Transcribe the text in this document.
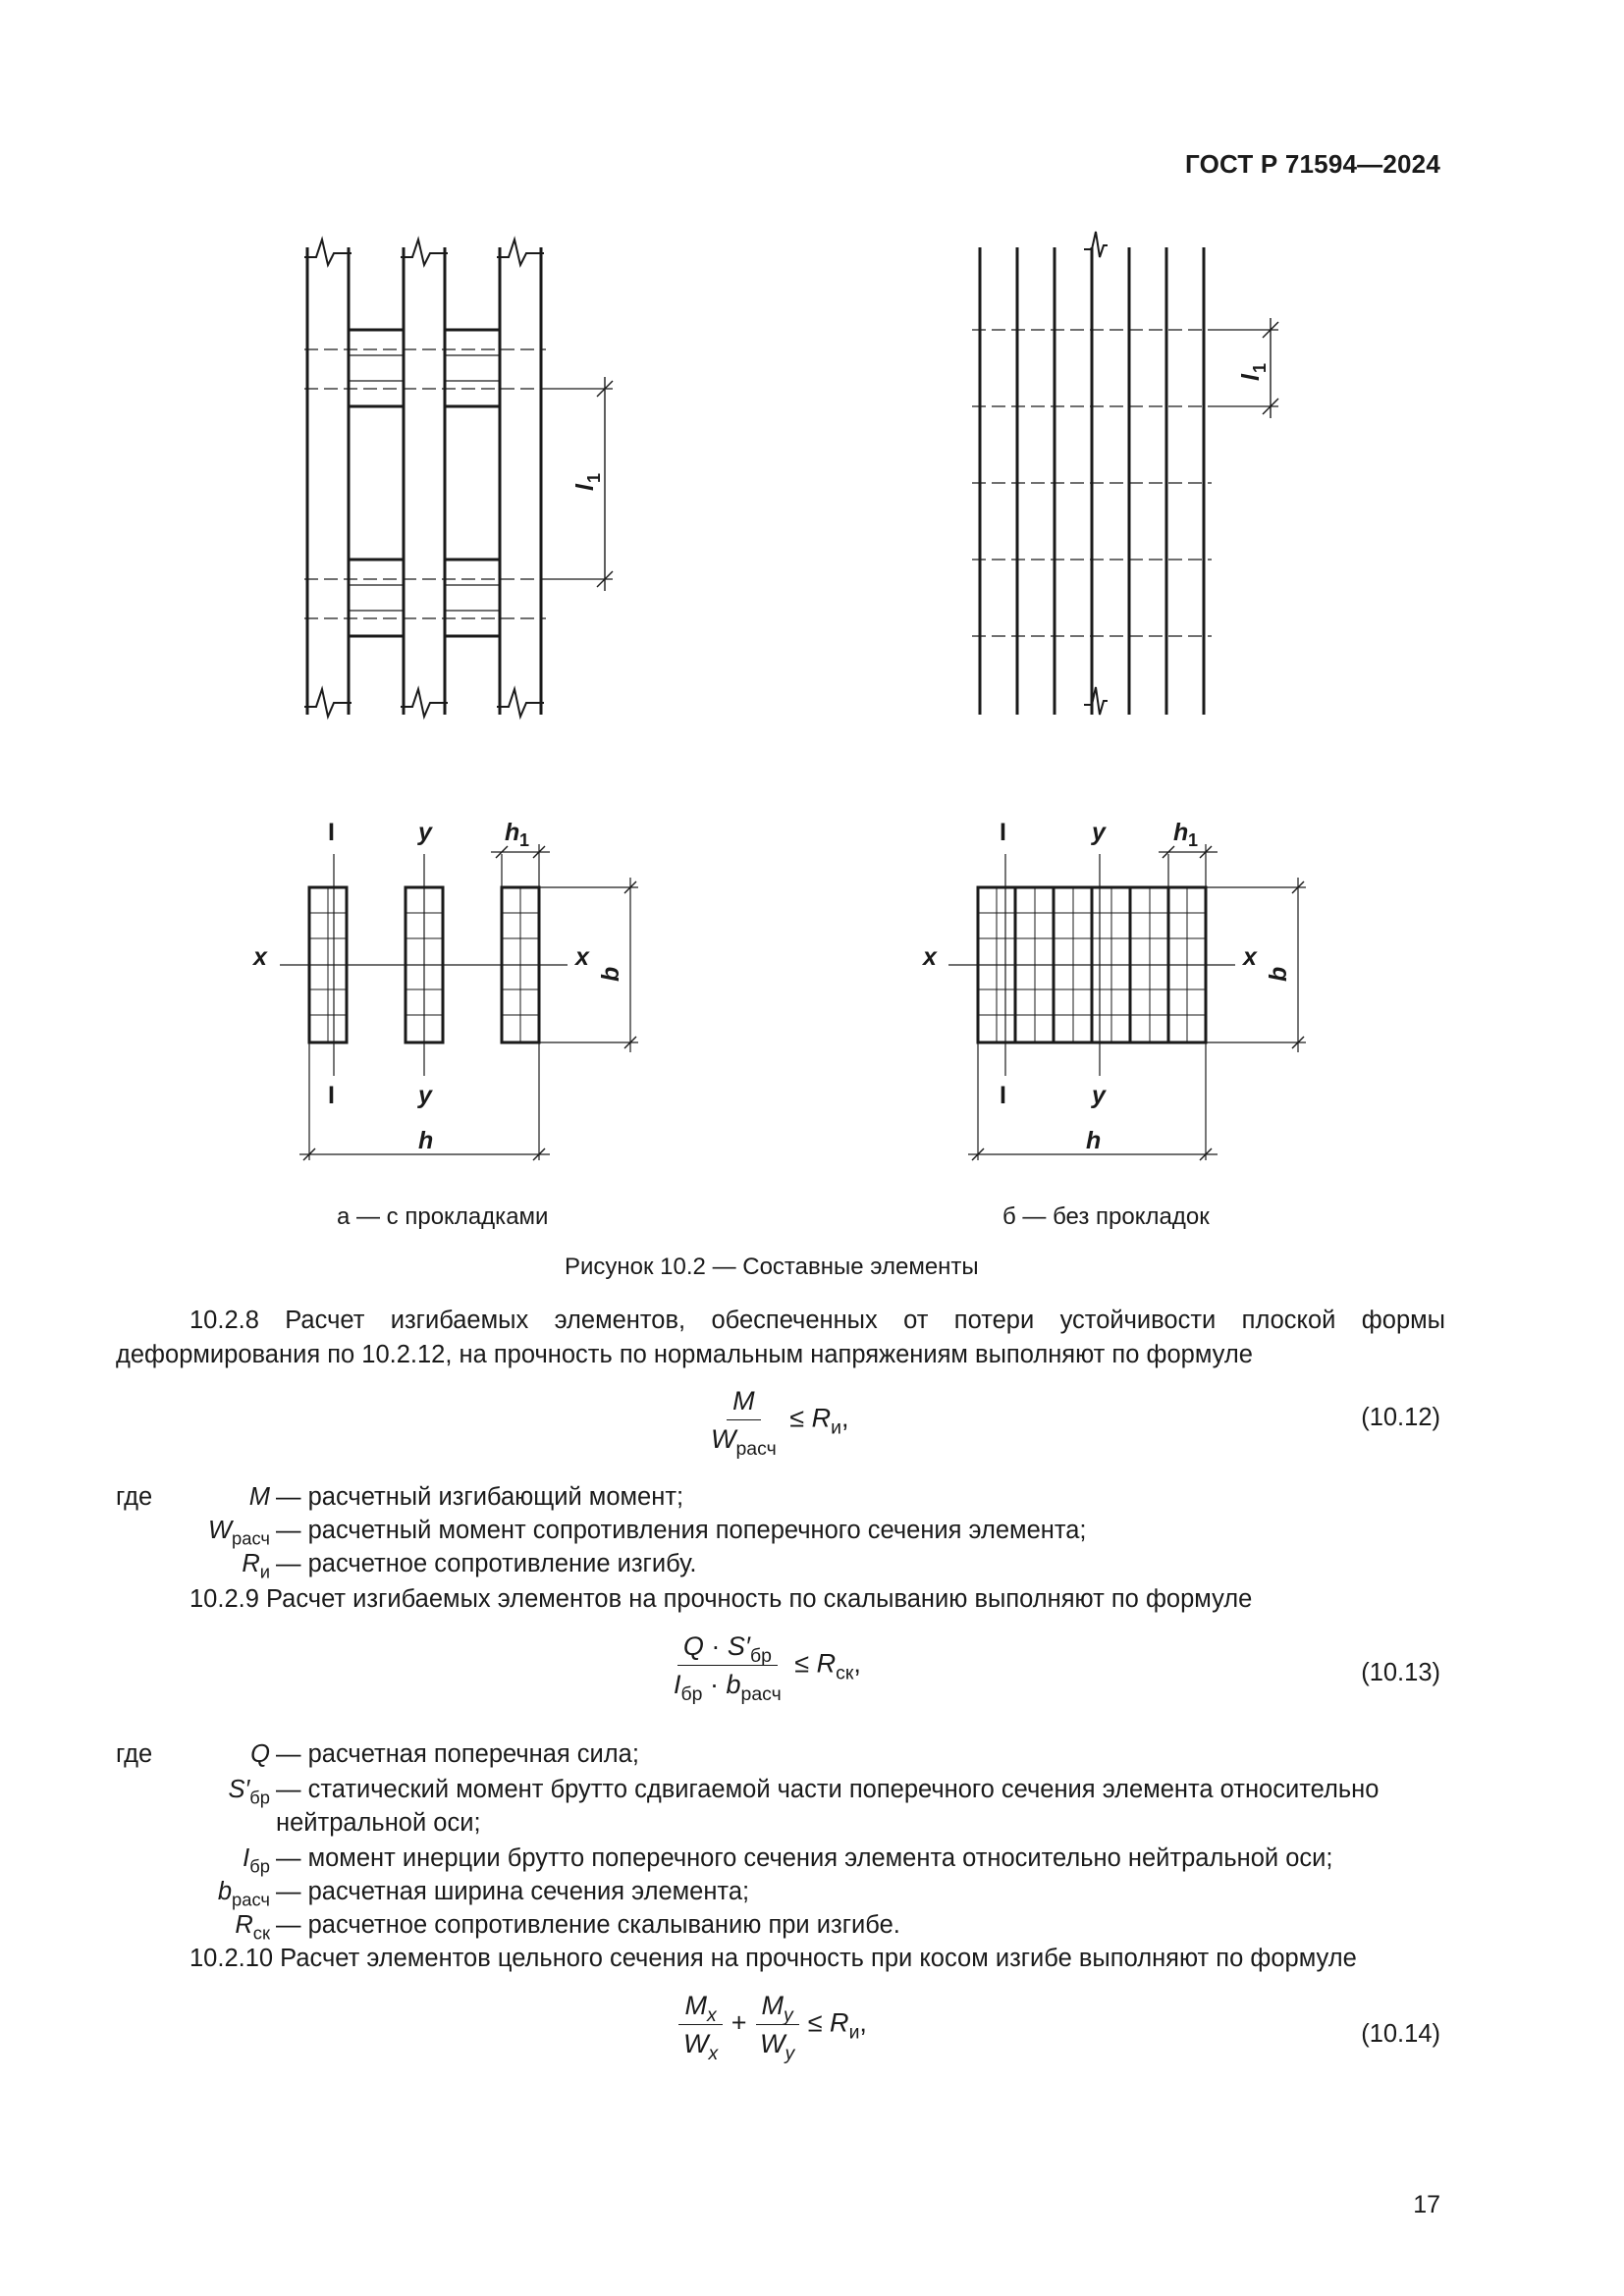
ГОСТ Р 71594—2024
l
1
l
1
I	y	h 1
x	x
I	y
h
b
I	y	h 1
x	x
I	y
h
b
а — с прокладками	б — без прокладок
Рисунок 10.2 — Составные элементы
10.2.8 Расчет изгибаемых элементов, обеспеченных от потери устойчивости плоской формы деформирования по 10.2.12, на прочность по нормальным напряжениям выполняют по формуле
$\frac{M}{W_{расч}} \le R_и$,	(10.12)
где	M — расчетный изгибающий момент;
$W_{расч}$ — расчетный момент сопротивления поперечного сечения элемента;
$R_и$ — расчетное сопротивление изгибу.
10.2.9 Расчет изгибаемых элементов на прочность по скалыванию выполняют по формуле
$\frac{Q \cdot S'_{бр}}{I_{бр} \cdot b_{расч}} \le R_{ск}$,	(10.13)
где	Q — расчетная поперечная сила;
$S'_{бр}$ — статический момент брутто сдвигаемой части поперечного сечения элемента относительно нейтральной оси;
$I_{бр}$ — момент инерции брутто поперечного сечения элемента относительно нейтральной оси;
$b_{расч}$ — расчетная ширина сечения элемента;
$R_{ск}$ — расчетное сопротивление скалыванию при изгибе.
10.2.10 Расчет элементов цельного сечения на прочность при косом изгибе выполняют по формуле
$\frac{M_x}{W_x} + \frac{M_y}{W_y} \le R_и$,	(10.14)
17
